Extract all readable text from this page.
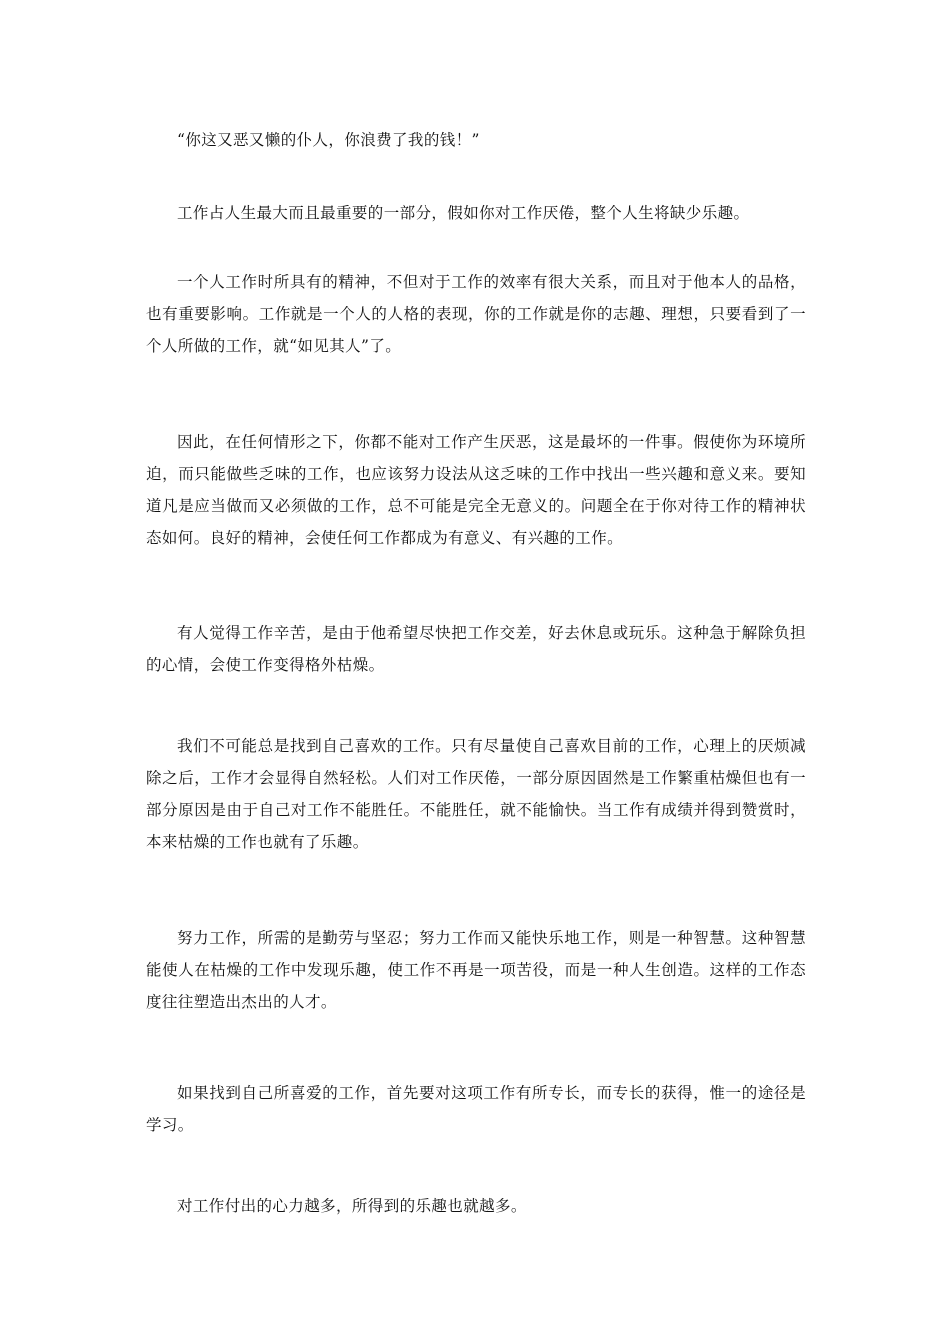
“你这又恶又懒的仆人，你浪费了我的钱！”

工作占人生最大而且最重要的一部分，假如你对工作厌倦，整个人生将缺少乐趣。

一个人工作时所具有的精神，不但对于工作的效率有很大关系，而且对于他本人的品格，也有重要影响。工作就是一个人的人格的表现，你的工作就是你的志趣、理想，只要看到了一个人所做的工作，就“如见其人”了。

因此，在任何情形之下，你都不能对工作产生厌恶，这是最坏的一件事。假使你为环境所迫，而只能做些乏味的工作，也应该努力设法从这乏味的工作中找出一些兴趣和意义来。要知道凡是应当做而又必须做的工作，总不可能是完全无意义的。问题全在于你对待工作的精神状态如何。良好的精神，会使任何工作都成为有意义、有兴趣的工作。

有人觉得工作辛苦，是由于他希望尽快把工作交差，好去休息或玩乐。这种急于解除负担的心情，会使工作变得格外枯燥。

我们不可能总是找到自己喜欢的工作。只有尽量使自己喜欢目前的工作，心理上的厌烦减除之后，工作才会显得自然轻松。人们对工作厌倦，一部分原因固然是工作繁重枯燥但也有一部分原因是由于自己对工作不能胜任。不能胜任，就不能愉快。当工作有成绩并得到赞赏时，本来枯燥的工作也就有了乐趣。

努力工作，所需的是勤劳与坚忍；努力工作而又能快乐地工作，则是一种智慧。这种智慧能使人在枯燥的工作中发现乐趣，使工作不再是一项苦役，而是一种人生创造。这样的工作态度往往塑造出杰出的人才。

如果找到自己所喜爱的工作，首先要对这项工作有所专长，而专长的获得，惟一的途径是学习。

对工作付出的心力越多，所得到的乐趣也就越多。
